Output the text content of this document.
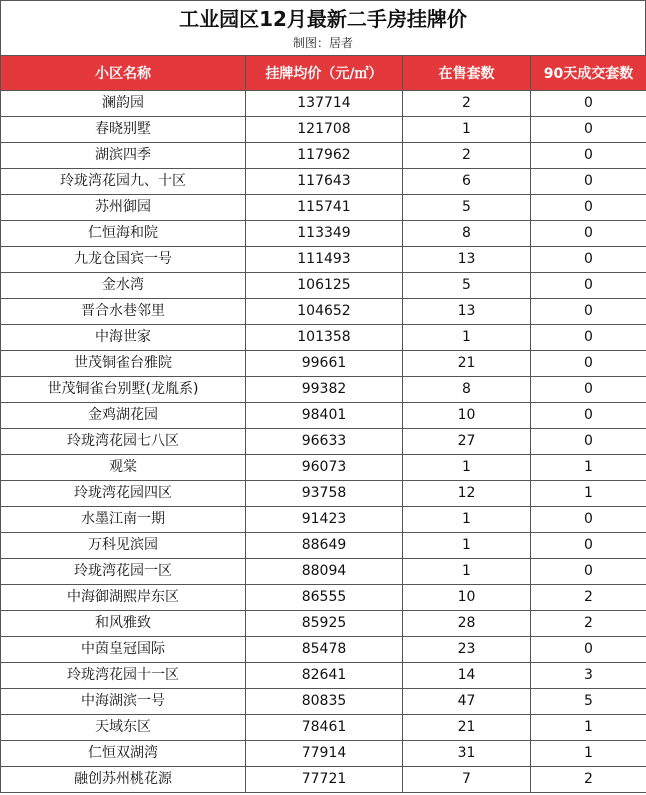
工业园区12月最新二手房挂牌价
制图：居者
小区名称	挂牌均价（元/㎡）	在售套数	90天成交套数
澜韵园	137714	2	0
春晓别墅	121708	1	0
湖滨四季	117962	2	0
玲珑湾花园九、十区	117643	6	0
苏州御园	115741	5	0
仁恒海和院	113349	8	0
九龙仓国宾一号	111493	13	0
金水湾	106125	5	0
晋合水巷邻里	104652	13	0
中海世家	101358	1	0
世茂铜雀台雅院	99661	21	0
世茂铜雀台别墅(龙胤系)	99382	8	0
金鸡湖花园	98401	10	0
玲珑湾花园七八区	96633	27	0
观棠	96073	1	1
玲珑湾花园四区	93758	12	1
水墨江南一期	91423	1	0
万科见滨园	88649	1	0
玲珑湾花园一区	88094	1	0
中海御湖熙岸东区	86555	10	2
和风雅致	85925	28	2
中茵皇冠国际	85478	23	0
玲珑湾花园十一区	82641	14	3
中海湖滨一号	80835	47	5
天域东区	78461	21	1
仁恒双湖湾	77914	31	1
融创苏州桃花源	77721	7	2
